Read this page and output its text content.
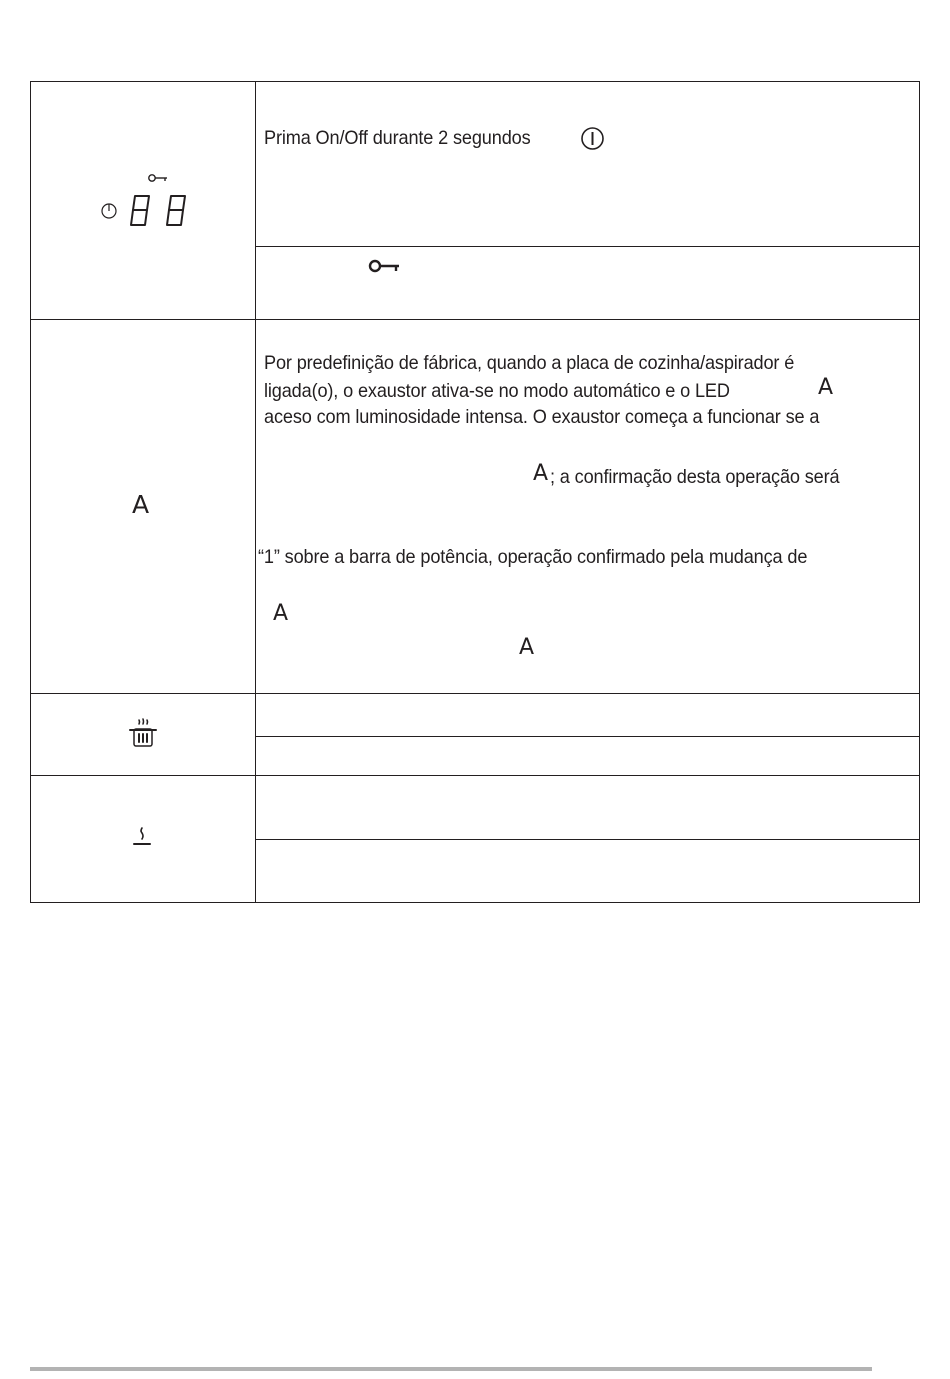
Prima On/Off durante 2 segundos
A
Por predefinição de fábrica, quando a placa de cozinha/aspirador é
ligada(o), o exaustor ativa-se no modo automático e o LED	A
aceso com luminosidade intensa. O exaustor começa a funcionar se a
A ; a confirmação desta operação será
“1” sobre a barra de potência, operação confirmado pela mudança de
A
A
